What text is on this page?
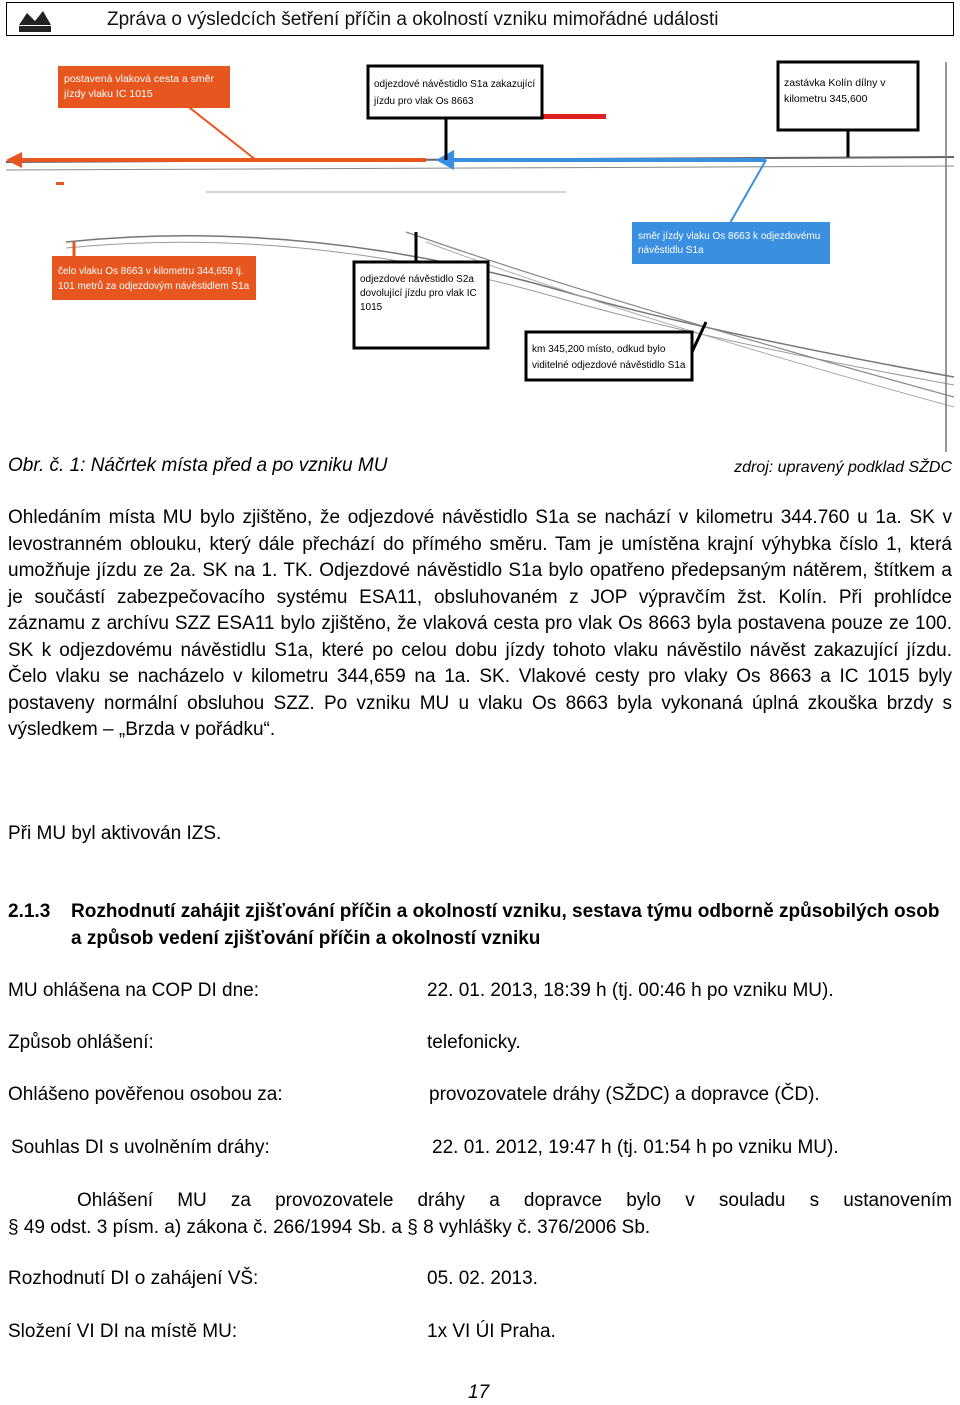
Zpráva o výsledcích šetření příčin a okolností vzniku mimořádné události
postavená vlaková cesta a směr
jízdy vlaku IC 1015
odjezdové návěstidlo S1a zakazující
jízdu pro vlak Os 8663
zastávka Kolín dílny v
kilometru 345,600
čelo vlaku Os 8663 v kilometru 344,659 tj.
101 metrů za odjezdovým návěstidlem S1a
odjezdové návěstidlo S2a
dovolující jízdu pro vlak IC
1015
směr jízdy vlaku Os 8663 k odjezdovému
návěstidlu S1a
km 345,200 místo, odkud bylo
viditelné odjezdové návěstidlo S1a
Obr. č. 1: Náčrtek místa před a po vzniku MU	zdroj: upravený podklad SŽDC

Ohledáním místa MU bylo zjištěno, že odjezdové návěstidlo S1a se nachází v kilometru 344.760 u 1a. SK v levostranném oblouku, který dále přechází do přímého směru. Tam je umístěna krajní výhybka číslo 1, která umožňuje jízdu ze 2a. SK na 1. TK. Odjezdové návěstidlo S1a bylo opatřeno předepsaným nátěrem, štítkem a je součástí zabezpečovacího systému ESA11, obsluhovaném z JOP výpravčím žst. Kolín. Při prohlídce záznamu z archívu SZZ ESA11 bylo zjištěno, že vlaková cesta pro vlak Os 8663 byla postavena pouze ze 100. SK k odjezdovému návěstidlu S1a, které po celou dobu jízdy tohoto vlaku návěstilo návěst zakazující jízdu. Čelo vlaku se nacházelo v kilometru 344,659 na 1a. SK. Vlakové cesty pro vlaky Os 8663 a IC 1015 byly postaveny normální obsluhou SZZ. Po vzniku MU u vlaku Os 8663 byla vykonaná úplná zkouška brzdy s výsledkem – „Brzda v pořádku“.

Při MU byl aktivován IZS.

2.1.3 Rozhodnutí zahájit zjišťování příčin a okolností vzniku, sestava týmu odborně způsobilých osob a způsob vedení zjišťování příčin a okolností vzniku
MU ohlášena na COP DI dne:	22. 01. 2013, 18:39 h (tj. 00:46 h po vzniku MU).
Způsob ohlášení:	telefonicky.
Ohlášeno pověřenou osobou za:	provozovatele dráhy (SŽDC) a dopravce (ČD).
Souhlas DI s uvolněním dráhy:	22. 01. 2012, 19:47 h (tj. 01:54 h po vzniku MU).
Ohlášení MU za provozovatele dráhy a dopravce bylo v souladu s ustanovením
§ 49 odst. 3 písm. a) zákona č. 266/1994 Sb. a § 8 vyhlášky č. 376/2006 Sb.
Rozhodnutí DI o zahájení VŠ:	05. 02. 2013.
Složení VI DI na místě MU:	1x VI ÚI Praha.
17
